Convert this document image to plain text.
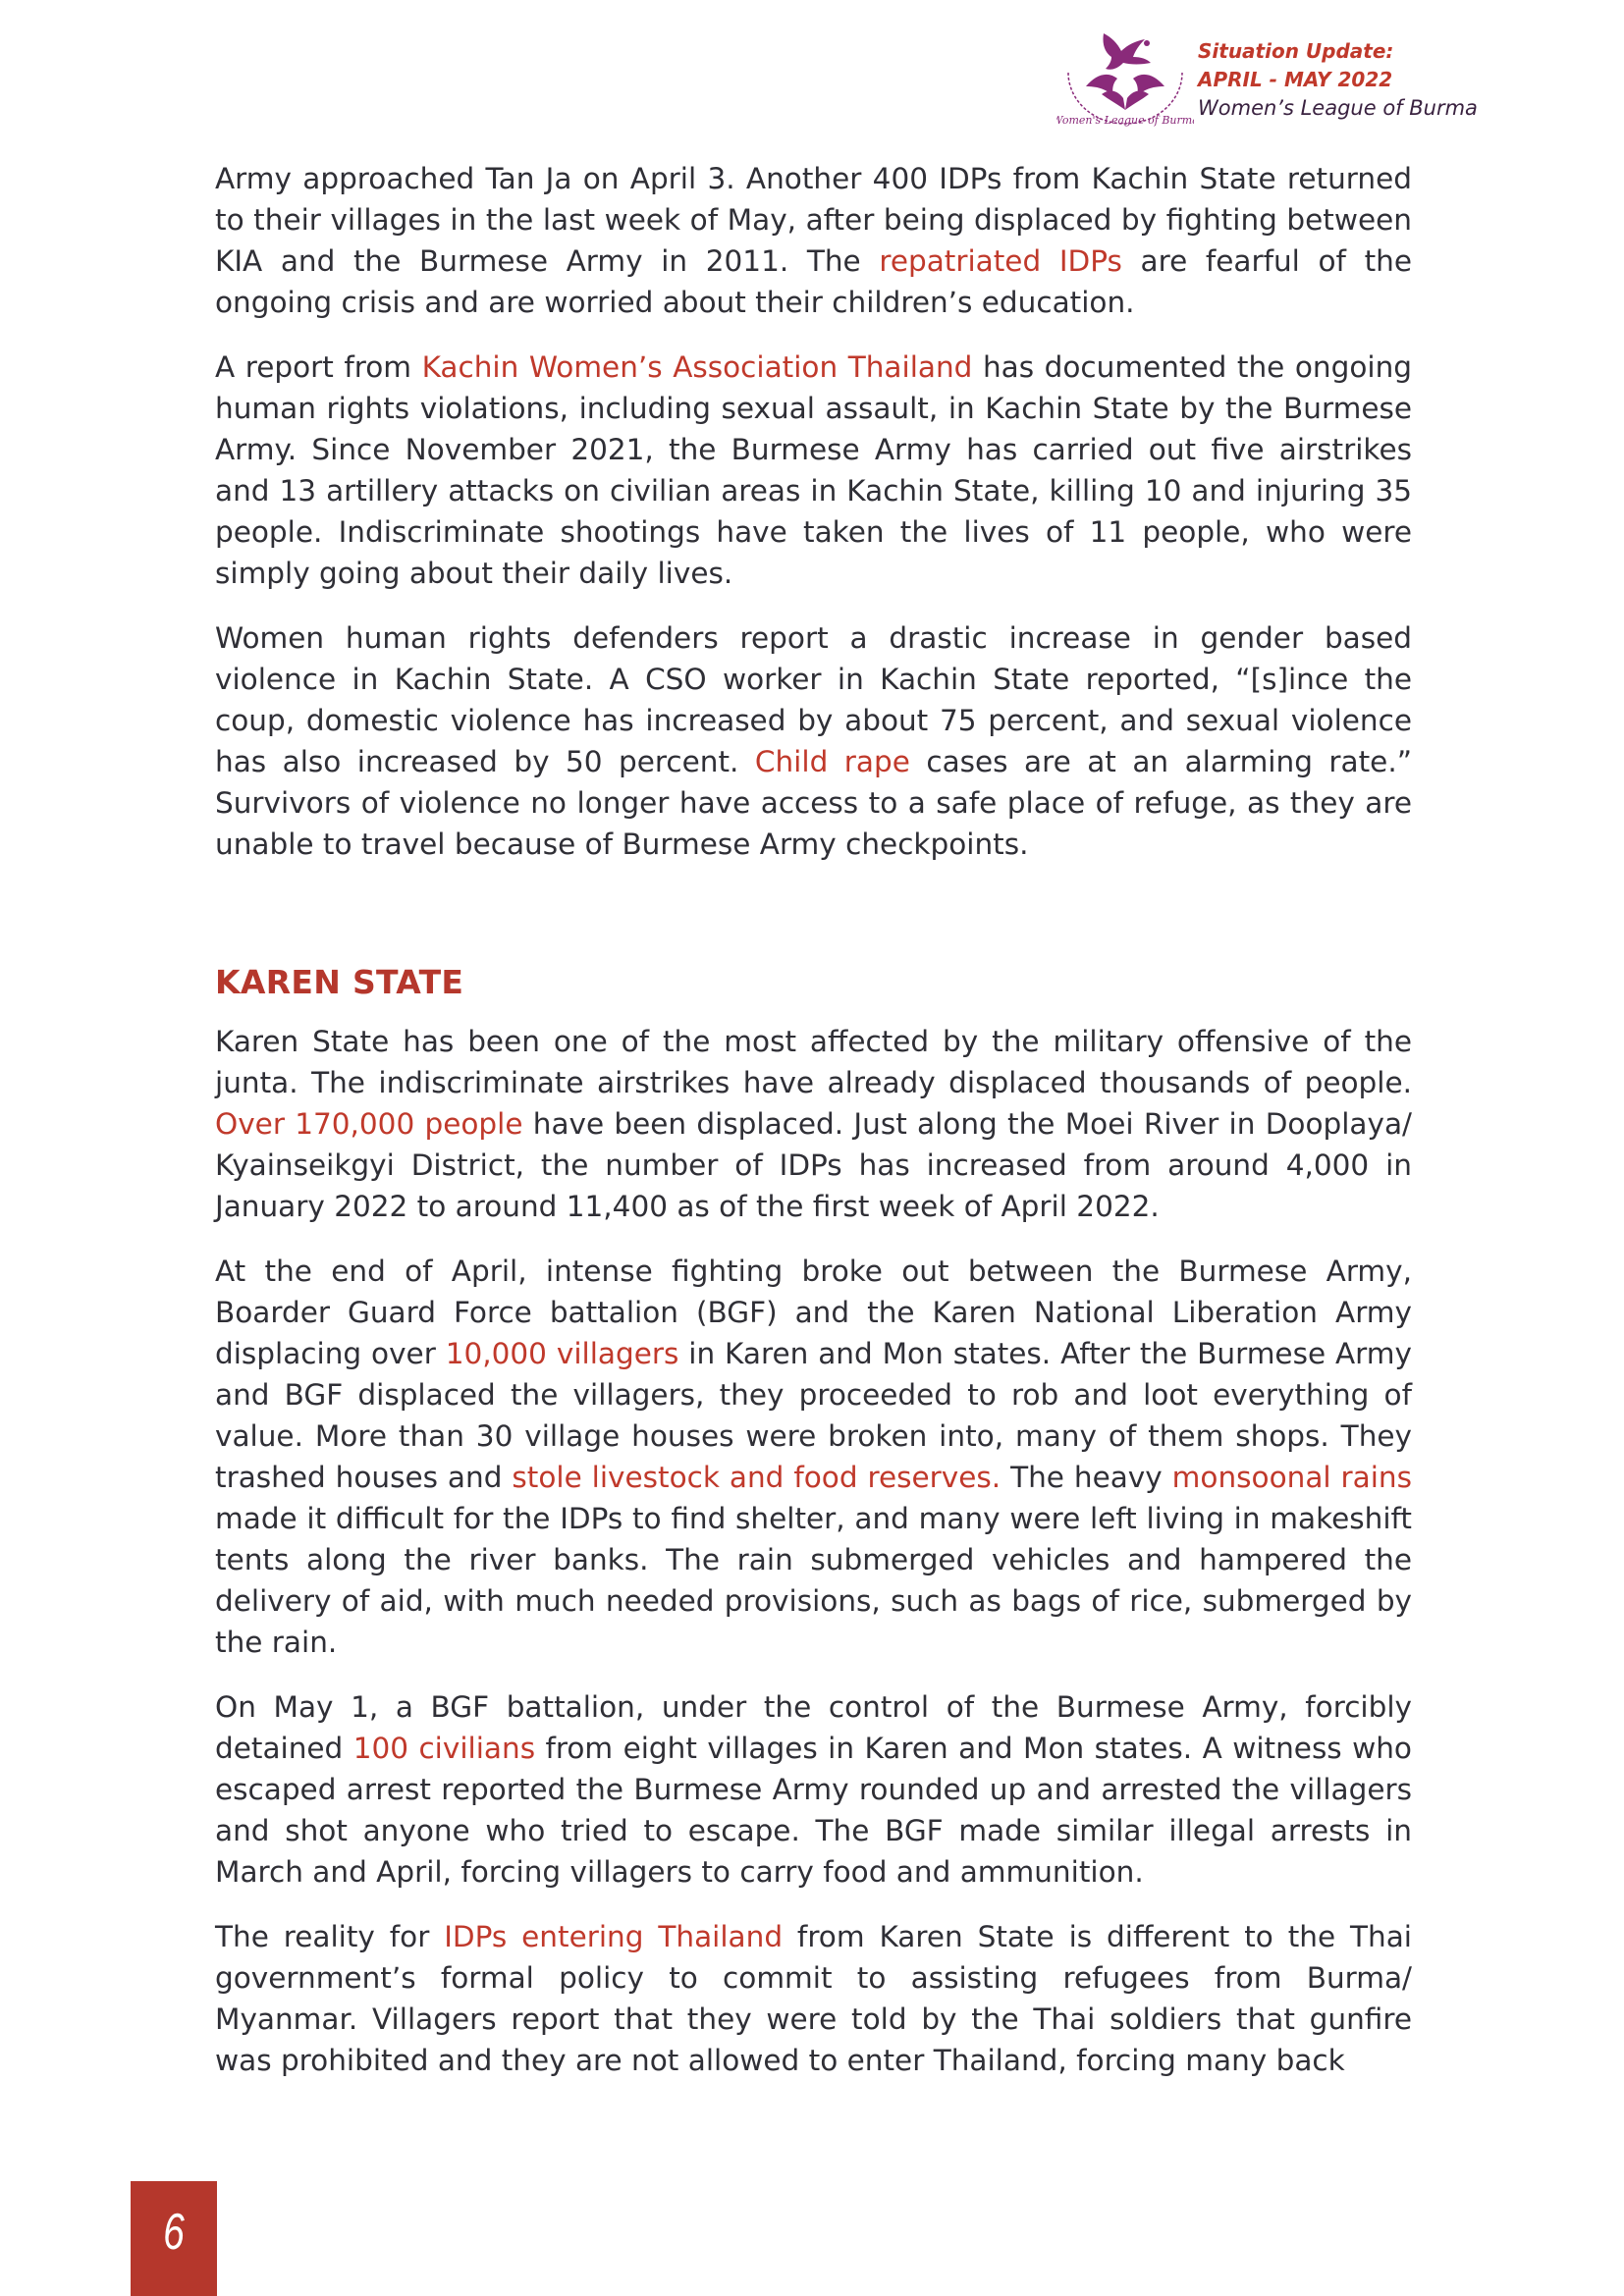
Women's League of Burma
Situation Update:
APRIL - MAY 2022
Women’s League of Burma

Army approached Tan Ja on April 3. Another 400 IDPs from Kachin State returned to their villages in the last week of May, after being displaced by fighting between KIA and the Burmese Army in 2011. The repatriated IDPs are fearful of the ongoing crisis and are worried about their children’s education.

A report from Kachin Women’s Association Thailand has documented the ongoing human rights violations, including sexual assault, in Kachin State by the Burmese Army. Since November 2021, the Burmese Army has carried out five airstrikes and 13 artillery attacks on civilian areas in Kachin State, killing 10 and injuring 35 people. Indiscriminate shootings have taken the lives of 11 people, who were simply going about their daily lives.

Women human rights defenders report a drastic increase in gender based violence in Kachin State. A CSO worker in Kachin State reported, “[s]ince the coup, domestic violence has increased by about 75 percent, and sexual violence has also increased by 50 percent. Child rape cases are at an alarming rate.” Survivors of violence no longer have access to a safe place of refuge, as they are unable to travel because of Burmese Army checkpoints.

KAREN STATE

Karen State has been one of the most affected by the military offensive of the junta. The indiscriminate airstrikes have already displaced thousands of people. Over 170,000 people have been displaced. Just along the Moei River in Dooplaya/ Kyainseikgyi District, the number of IDPs has increased from around 4,000 in January 2022 to around 11,400 as of the first week of April 2022.

At the end of April, intense fighting broke out between the Burmese Army, Boarder Guard Force battalion (BGF) and the Karen National Liberation Army displacing over 10,000 villagers in Karen and Mon states. After the Burmese Army and BGF displaced the villagers, they proceeded to rob and loot everything of value. More than 30 village houses were broken into, many of them shops. They trashed houses and stole livestock and food reserves. The heavy monsoonal rains made it difficult for the IDPs to find shelter, and many were left living in makeshift tents along the river banks. The rain submerged vehicles and hampered the delivery of aid, with much needed provisions, such as bags of rice, submerged by the rain.

On May 1, a BGF battalion, under the control of the Burmese Army, forcibly detained 100 civilians from eight villages in Karen and Mon states. A witness who escaped arrest reported the Burmese Army rounded up and arrested the villagers and shot anyone who tried to escape. The BGF made similar illegal arrests in March and April, forcing villagers to carry food and ammunition.

The reality for IDPs entering Thailand from Karen State is different to the Thai government’s formal policy to commit to assisting refugees from Burma/ Myanmar. Villagers report that they were told by the Thai soldiers that gunfire was prohibited and they are not allowed to enter Thailand, forcing many back

6
